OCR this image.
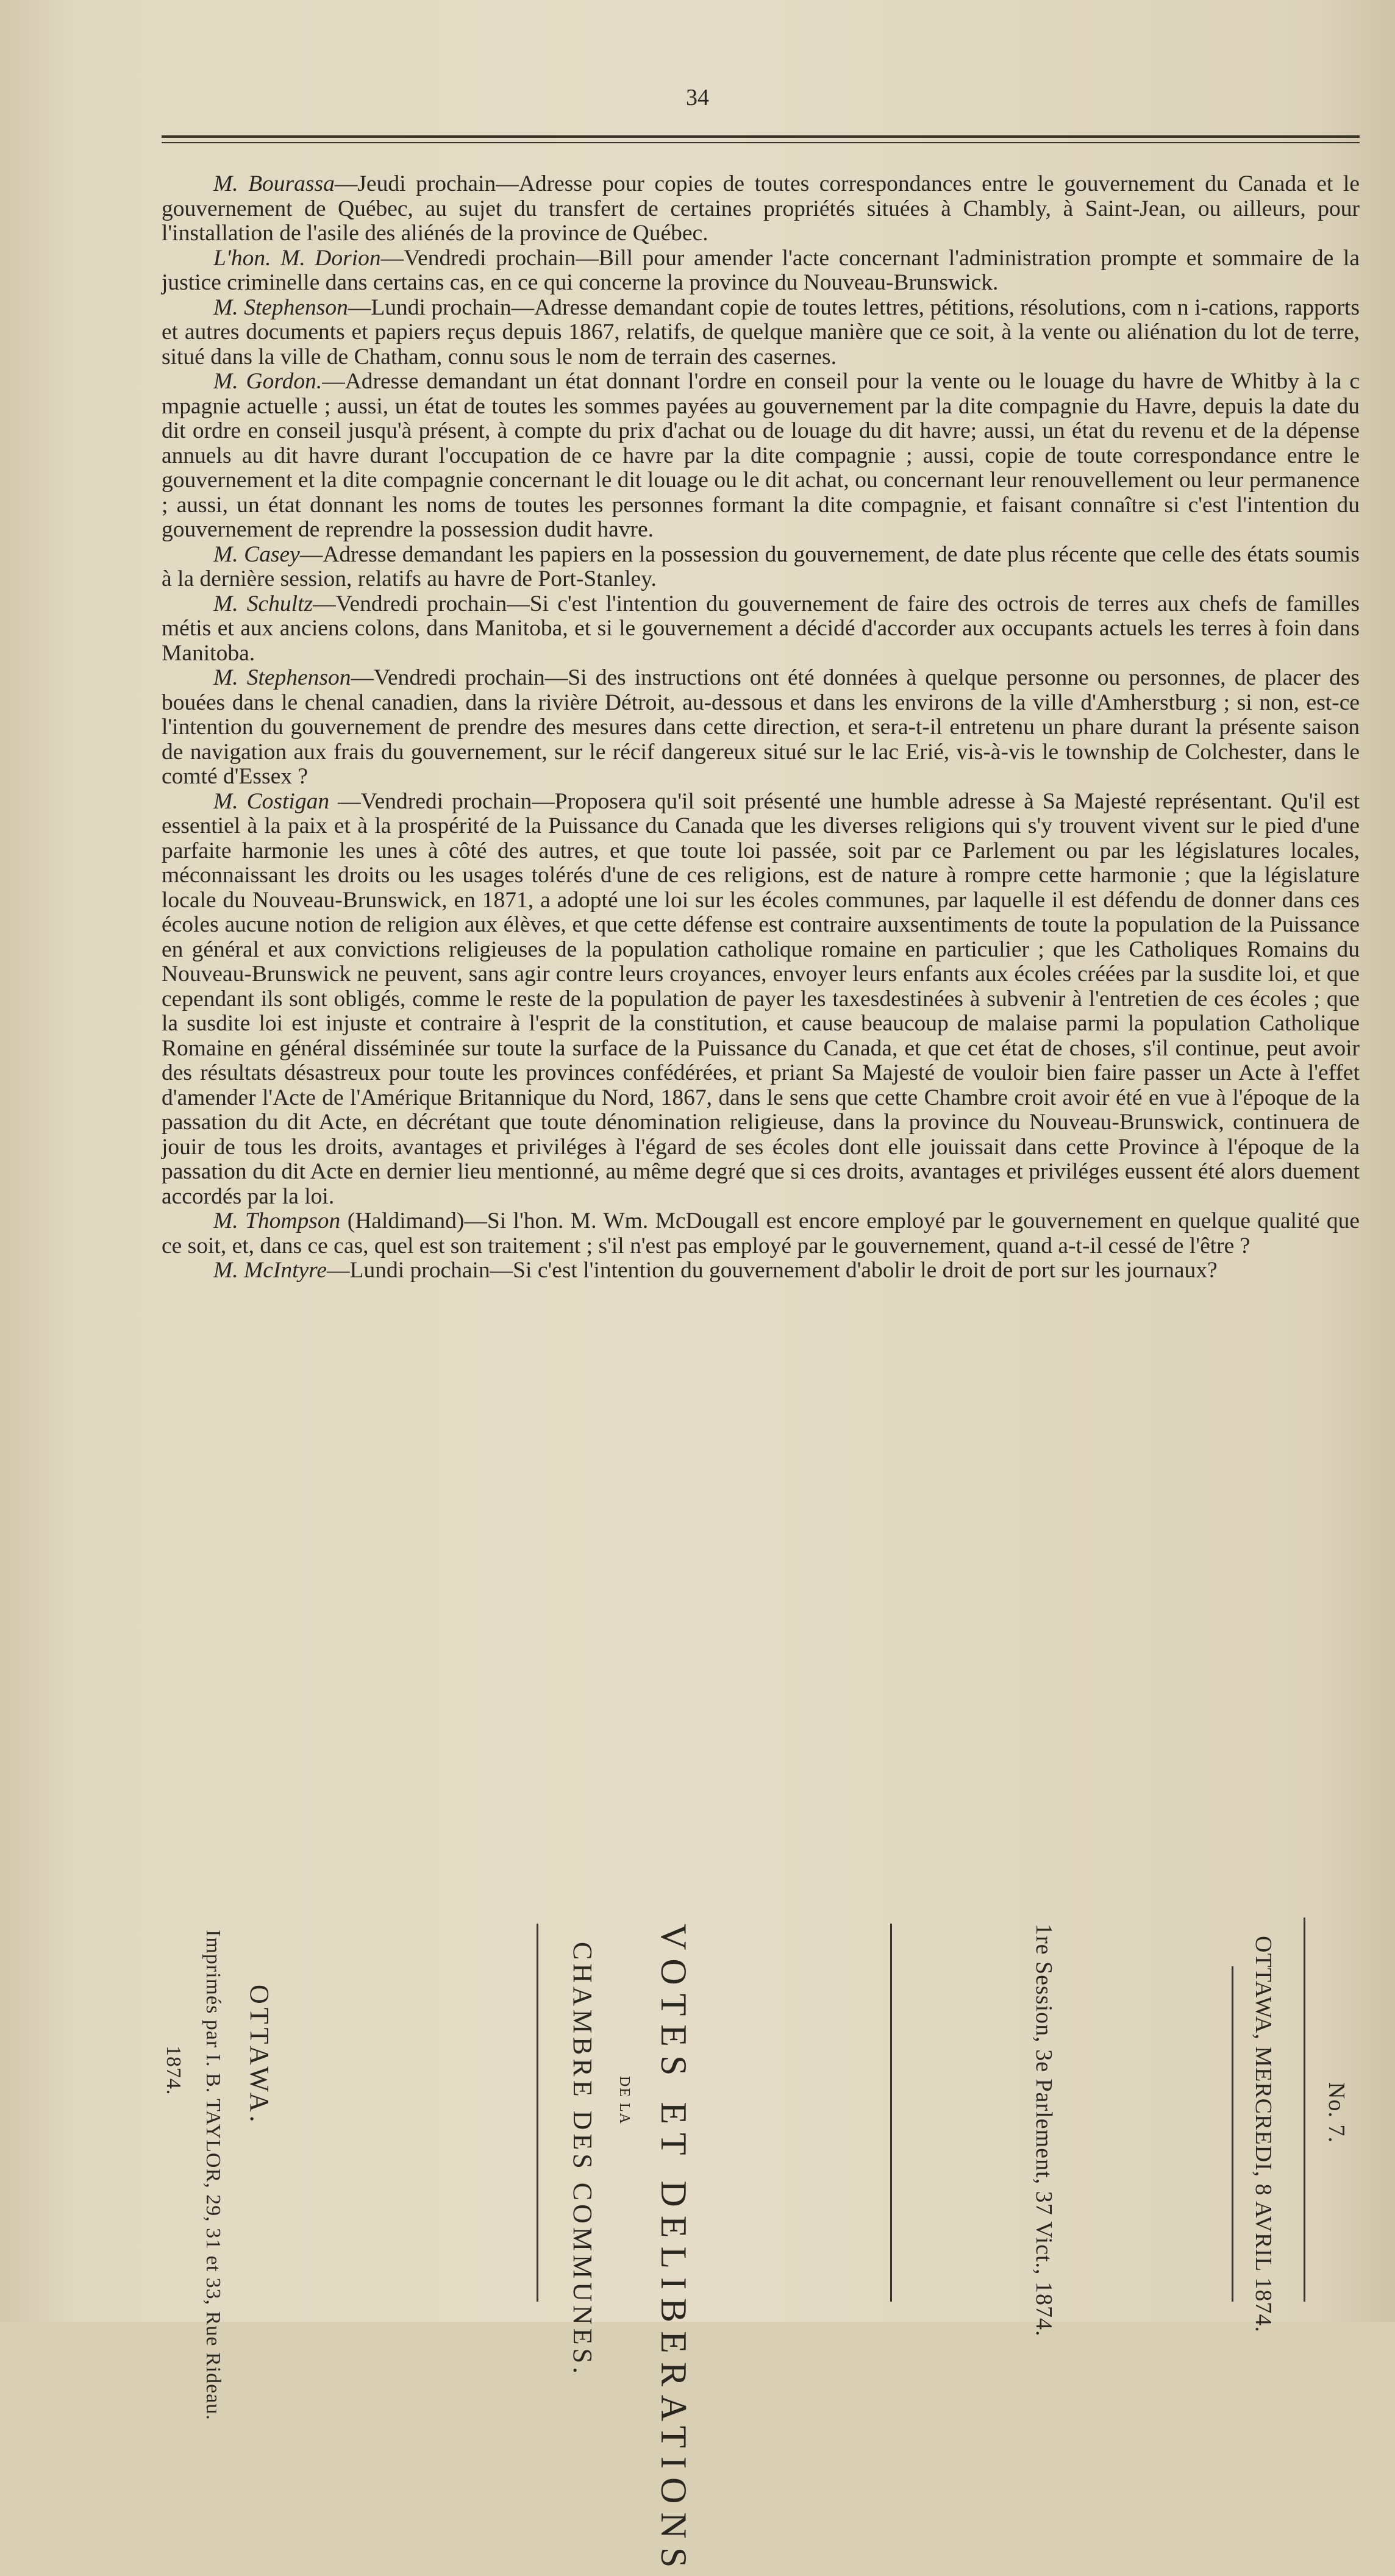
34

M. Bourassa—Jeudi prochain—Adresse pour copies de toutes correspondances entre le gouvernement du Canada et le gouvernement de Québec, au sujet du transfert de certaines propriétés situées à Chambly, à Saint-Jean, ou ailleurs, pour l'installation de l'asile des aliénés de la province de Québec.

L'hon. M. Dorion—Vendredi prochain—Bill pour amender l'acte concernant l'administration prompte et sommaire de la justice criminelle dans certains cas, en ce qui concerne la province du Nouveau-Brunswick.

M. Stephenson—Lundi prochain—Adresse demandant copie de toutes lettres, pétitions, résolutions, com n i-cations, rapports et autres documents et papiers reçus depuis 1867, relatifs, de quelque manière que ce soit, à la vente ou aliénation du lot de terre, situé dans la ville de Chatham, connu sous le nom de terrain des casernes.

M. Gordon.—Adresse demandant un état donnant l'ordre en conseil pour la vente ou le louage du havre de Whitby à la c mpagnie actuelle ; aussi, un état de toutes les sommes payées au gouvernement par la dite compagnie du Havre, depuis la date du dit ordre en conseil jusqu'à présent, à compte du prix d'achat ou de louage du dit havre; aussi, un état du revenu et de la dépense annuels au dit havre durant l'occupation de ce havre par la dite compagnie ; aussi, copie de toute correspondance entre le gouvernement et la dite compagnie concernant le dit louage ou le dit achat, ou concernant leur renouvellement ou leur permanence ; aussi, un état donnant les noms de toutes les personnes formant la dite compagnie, et faisant connaître si c'est l'intention du gouvernement de reprendre la possession dudit havre.

M. Casey—Adresse demandant les papiers en la possession du gouvernement, de date plus récente que celle des états soumis à la dernière session, relatifs au havre de Port-Stanley.

M. Schultz—Vendredi prochain—Si c'est l'intention du gouvernement de faire des octrois de terres aux chefs de familles métis et aux anciens colons, dans Manitoba, et si le gouvernement a décidé d'accorder aux occupants actuels les terres à foin dans Manitoba.

M. Stephenson—Vendredi prochain—Si des instructions ont été données à quelque personne ou personnes, de placer des bouées dans le chenal canadien, dans la rivière Détroit, au-dessous et dans les environs de la ville d'Amherstburg ; si non, est-ce l'intention du gouvernement de prendre des mesures dans cette direction, et sera-t-il entretenu un phare durant la présente saison de navigation aux frais du gouvernement, sur le récif dangereux situé sur le lac Erié, vis-à-vis le township de Colchester, dans le comté d'Essex ?

M. Costigan —Vendredi prochain—Proposera qu'il soit présenté une humble adresse à Sa Majesté représentant. Qu'il est essentiel à la paix et à la prospérité de la Puissance du Canada que les diverses religions qui s'y trouvent vivent sur le pied d'une parfaite harmonie les unes à côté des autres, et que toute loi passée, soit par ce Parlement ou par les législatures locales, méconnaissant les droits ou les usages tolérés d'une de ces religions, est de nature à rompre cette harmonie ; que la législature locale du Nouveau-Brunswick, en 1871, a adopté une loi sur les écoles communes, par laquelle il est défendu de donner dans ces écoles aucune notion de religion aux élèves, et que cette défense est contraire auxsentiments de toute la population de la Puissance en général et aux convictions religieuses de la population catholique romaine en particulier ; que les Catholiques Romains du Nouveau-Brunswick ne peuvent, sans agir contre leurs croyances, envoyer leurs enfants aux écoles créées par la susdite loi, et que cependant ils sont obligés, comme le reste de la population de payer les taxesdestinées à subvenir à l'entretien de ces écoles ; que la susdite loi est injuste et contraire à l'esprit de la constitution, et cause beaucoup de malaise parmi la population Catholique Romaine en général disséminée sur toute la surface de la Puissance du Canada, et que cet état de choses, s'il continue, peut avoir des résultats désastreux pour toute les provinces confédérées, et priant Sa Majesté de vouloir bien faire passer un Acte à l'effet d'amender l'Acte de l'Amérique Britannique du Nord, 1867, dans le sens que cette Chambre croit avoir été en vue à l'époque de la passation du dit Acte, en décrétant que toute dénomination religieuse, dans la province du Nouveau-Brunswick, continuera de jouir de tous les droits, avantages et priviléges à l'égard de ses écoles dont elle jouissait dans cette Province à l'époque de la passation du dit Acte en dernier lieu mentionné, au même degré que si ces droits, avantages et priviléges eussent été alors duement accordés par la loi.

M. Thompson (Haldimand)—Si l'hon. M. Wm. McDougall est encore employé par le gouvernement en quelque qualité que ce soit, et, dans ce cas, quel est son traitement ; s'il n'est pas employé par le gouvernement, quand a-t-il cessé de l'être ?

M. McIntyre—Lundi prochain—Si c'est l'intention du gouvernement d'abolir le droit de port sur les journaux?

No. 7.
OTTAWA, MERCREDI, 8 AVRIL 1874.
1re Session, 3e Parlement, 37 Vict., 1874.
VOTES ET DELIBERATIONS
DE LA
CHAMBRE DES COMMUNES.
OTTAWA.
Imprimés par I. B. TAYLOR, 29, 31 et 33, Rue Rideau.
1874.
